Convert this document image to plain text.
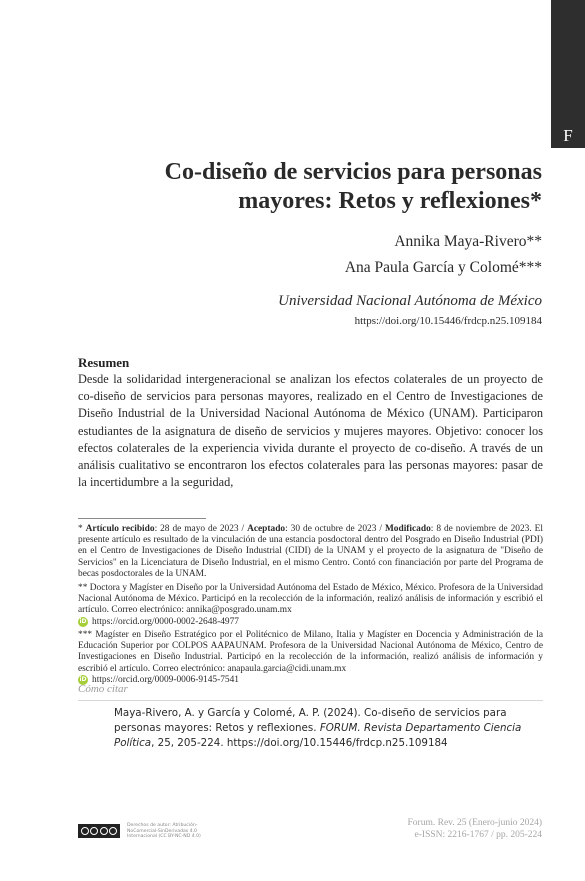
F
Co-diseño de servicios para personas
mayores: Retos y reflexiones*
Annika Maya-Rivero**
Ana Paula García y Colomé***
Universidad Nacional Autónoma de México
https://doi.org/10.15446/frdcp.n25.109184
Resumen

Desde la solidaridad intergeneracional se analizan los efectos colaterales de un proyecto de co-diseño de servicios para personas mayores, realizado en el Centro de Investigaciones de Diseño Industrial de la Universidad Nacional Autónoma de México (UNAM). Participaron estudiantes de la asignatura de diseño de servicios y mujeres mayores. Objetivo: conocer los efectos colaterales de la experiencia vivida durante el proyecto de co-diseño. A través de un análisis cualitativo se encontraron los efectos colaterales para las personas mayores: pasar de la incertidumbre a la seguridad,

* Artículo recibido: 28 de mayo de 2023 / Aceptado: 30 de octubre de 2023 / Modificado: 8 de noviembre de 2023. El presente artículo es resultado de la vinculación de una estancia posdoctoral dentro del Posgrado en Diseño Industrial (PDI) en el Centro de Investigaciones de Diseño Industrial (CIDI) de la UNAM y el proyecto de la asignatura de "Diseño de Servicios" en la Licenciatura de Diseño Industrial, en el mismo Centro. Contó con financiación por parte del Programa de becas posdoctorales de la UNAM.
** Doctora y Magíster en Diseño por la Universidad Autónoma del Estado de México, México. Profesora de la Universidad Nacional Autónoma de México. Participó en la recolección de la información, realizó análisis de información y escribió el artículo. Correo electrónico: annika@posgrado.unam.mx
iD https://orcid.org/0000-0002-2648-4977
*** Magíster en Diseño Estratégico por el Politécnico de Milano, Italia y Magíster en Docencia y Administración de la Educación Superior por COLPOS AAPAUNAM. Profesora de la Universidad Nacional Autónoma de México, Centro de Investigaciones en Diseño Industrial. Participó en la recolección de la información, realizó análisis de información y escribió el artículo. Correo electrónico: anapaula.garcia@cidi.unam.mx
iD https://orcid.org/0009-0006-9145-7541
Cómo citar
Maya-Rivero, A. y García y Colomé, A. P. (2024). Co-diseño de servicios para personas mayores: Retos y reflexiones. FORUM. Revista Departamento Ciencia Política, 25, 205-224. https://doi.org/10.15446/frdcp.n25.109184
Derechos de autor: Atribución-NoComercial-SinDerivadas 4.0 Internacional (CC BY-NC-ND 4.0)
Forum. Rev. 25 (Enero-junio 2024)
e-ISSN: 2216-1767 / pp. 205-224
